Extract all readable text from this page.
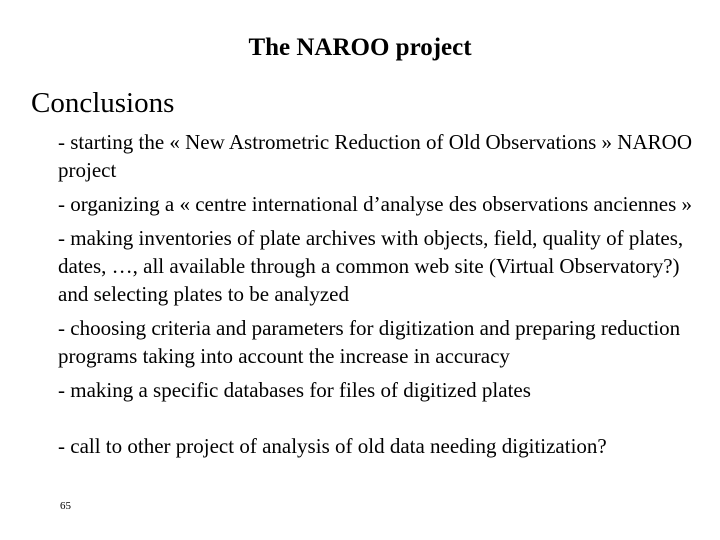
The NAROO project
Conclusions
- starting the « New Astrometric Reduction of Old Observations » NAROO project
- organizing a « centre international d’analyse des observations anciennes »
- making inventories of plate archives with objects, field, quality of plates, dates, …, all available through a common web site (Virtual Observatory?) and selecting plates to be analyzed
- choosing criteria and parameters for digitization and preparing reduction programs taking into account the increase in accuracy
- making a specific databases for files of digitized plates
- call to other project of analysis of old data needing digitization?
65
